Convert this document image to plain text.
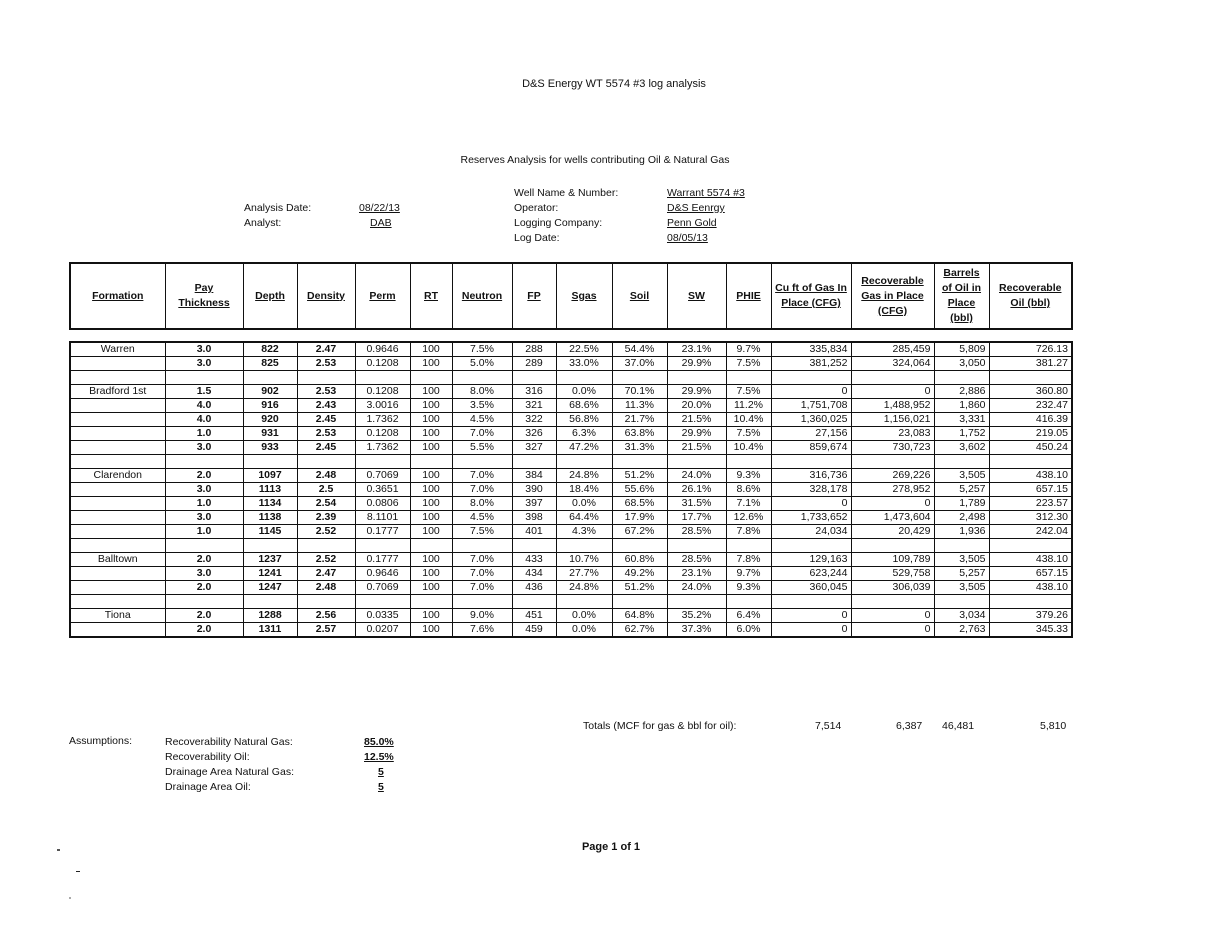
D&S Energy WT 5574 #3 log analysis
Reserves Analysis for wells contributing Oil & Natural Gas
Analysis Date:	08/22/13
Analyst:	DAB
Well Name & Number:	Warrant 5574 #3
Operator:	D&S Eenrgy
Logging Company:	Penn Gold
Log Date:	08/05/13
Formation	Pay Thickness	Depth	Density	Perm	RT	Neutron	FP	Sgas	Soil	SW	PHIE	Cu ft of Gas In Place (CFG)	Recoverable Gas in Place (CFG)	Barrels of Oil in Place (bbl)	Recoverable Oil (bbl)
Warren	3.0	822	2.47	0.9646	100	7.5%	288	22.5%	54.4%	23.1%	9.7%	335,834	285,459	5,809	726.13
	3.0	825	2.53	0.1208	100	5.0%	289	33.0%	37.0%	29.9%	7.5%	381,252	324,064	3,050	381.27

Bradford 1st	1.5	902	2.53	0.1208	100	8.0%	316	0.0%	70.1%	29.9%	7.5%	0	0	2,886	360.80
	4.0	916	2.43	3.0016	100	3.5%	321	68.6%	11.3%	20.0%	11.2%	1,751,708	1,488,952	1,860	232.47
	4.0	920	2.45	1.7362	100	4.5%	322	56.8%	21.7%	21.5%	10.4%	1,360,025	1,156,021	3,331	416.39
	1.0	931	2.53	0.1208	100	7.0%	326	6.3%	63.8%	29.9%	7.5%	27,156	23,083	1,752	219.05
	3.0	933	2.45	1.7362	100	5.5%	327	47.2%	31.3%	21.5%	10.4%	859,674	730,723	3,602	450.24

Clarendon	2.0	1097	2.48	0.7069	100	7.0%	384	24.8%	51.2%	24.0%	9.3%	316,736	269,226	3,505	438.10
	3.0	1113	2.5	0.3651	100	7.0%	390	18.4%	55.6%	26.1%	8.6%	328,178	278,952	5,257	657.15
	1.0	1134	2.54	0.0806	100	8.0%	397	0.0%	68.5%	31.5%	7.1%	0	0	1,789	223.57
	3.0	1138	2.39	8.1101	100	4.5%	398	64.4%	17.9%	17.7%	12.6%	1,733,652	1,473,604	2,498	312.30
	1.0	1145	2.52	0.1777	100	7.5%	401	4.3%	67.2%	28.5%	7.8%	24,034	20,429	1,936	242.04

Balltown	2.0	1237	2.52	0.1777	100	7.0%	433	10.7%	60.8%	28.5%	7.8%	129,163	109,789	3,505	438.10
	3.0	1241	2.47	0.9646	100	7.0%	434	27.7%	49.2%	23.1%	9.7%	623,244	529,758	5,257	657.15
	2.0	1247	2.48	0.7069	100	7.0%	436	24.8%	51.2%	24.0%	9.3%	360,045	306,039	3,505	438.10

Tiona	2.0	1288	2.56	0.0335	100	9.0%	451	0.0%	64.8%	35.2%	6.4%	0	0	3,034	379.26
	2.0	1311	2.57	0.0207	100	7.6%	459	0.0%	62.7%	37.3%	6.0%	0	0	2,763	345.33
Totals (MCF for gas & bbl for oil):	7,514	6,387 46,481	5,810
Assumptions:	Recoverability Natural Gas:	85.0%
Recoverability Oil:	12.5%
Drainage Area Natural Gas:	5
Drainage Area Oil:	5
Page 1 of 1
